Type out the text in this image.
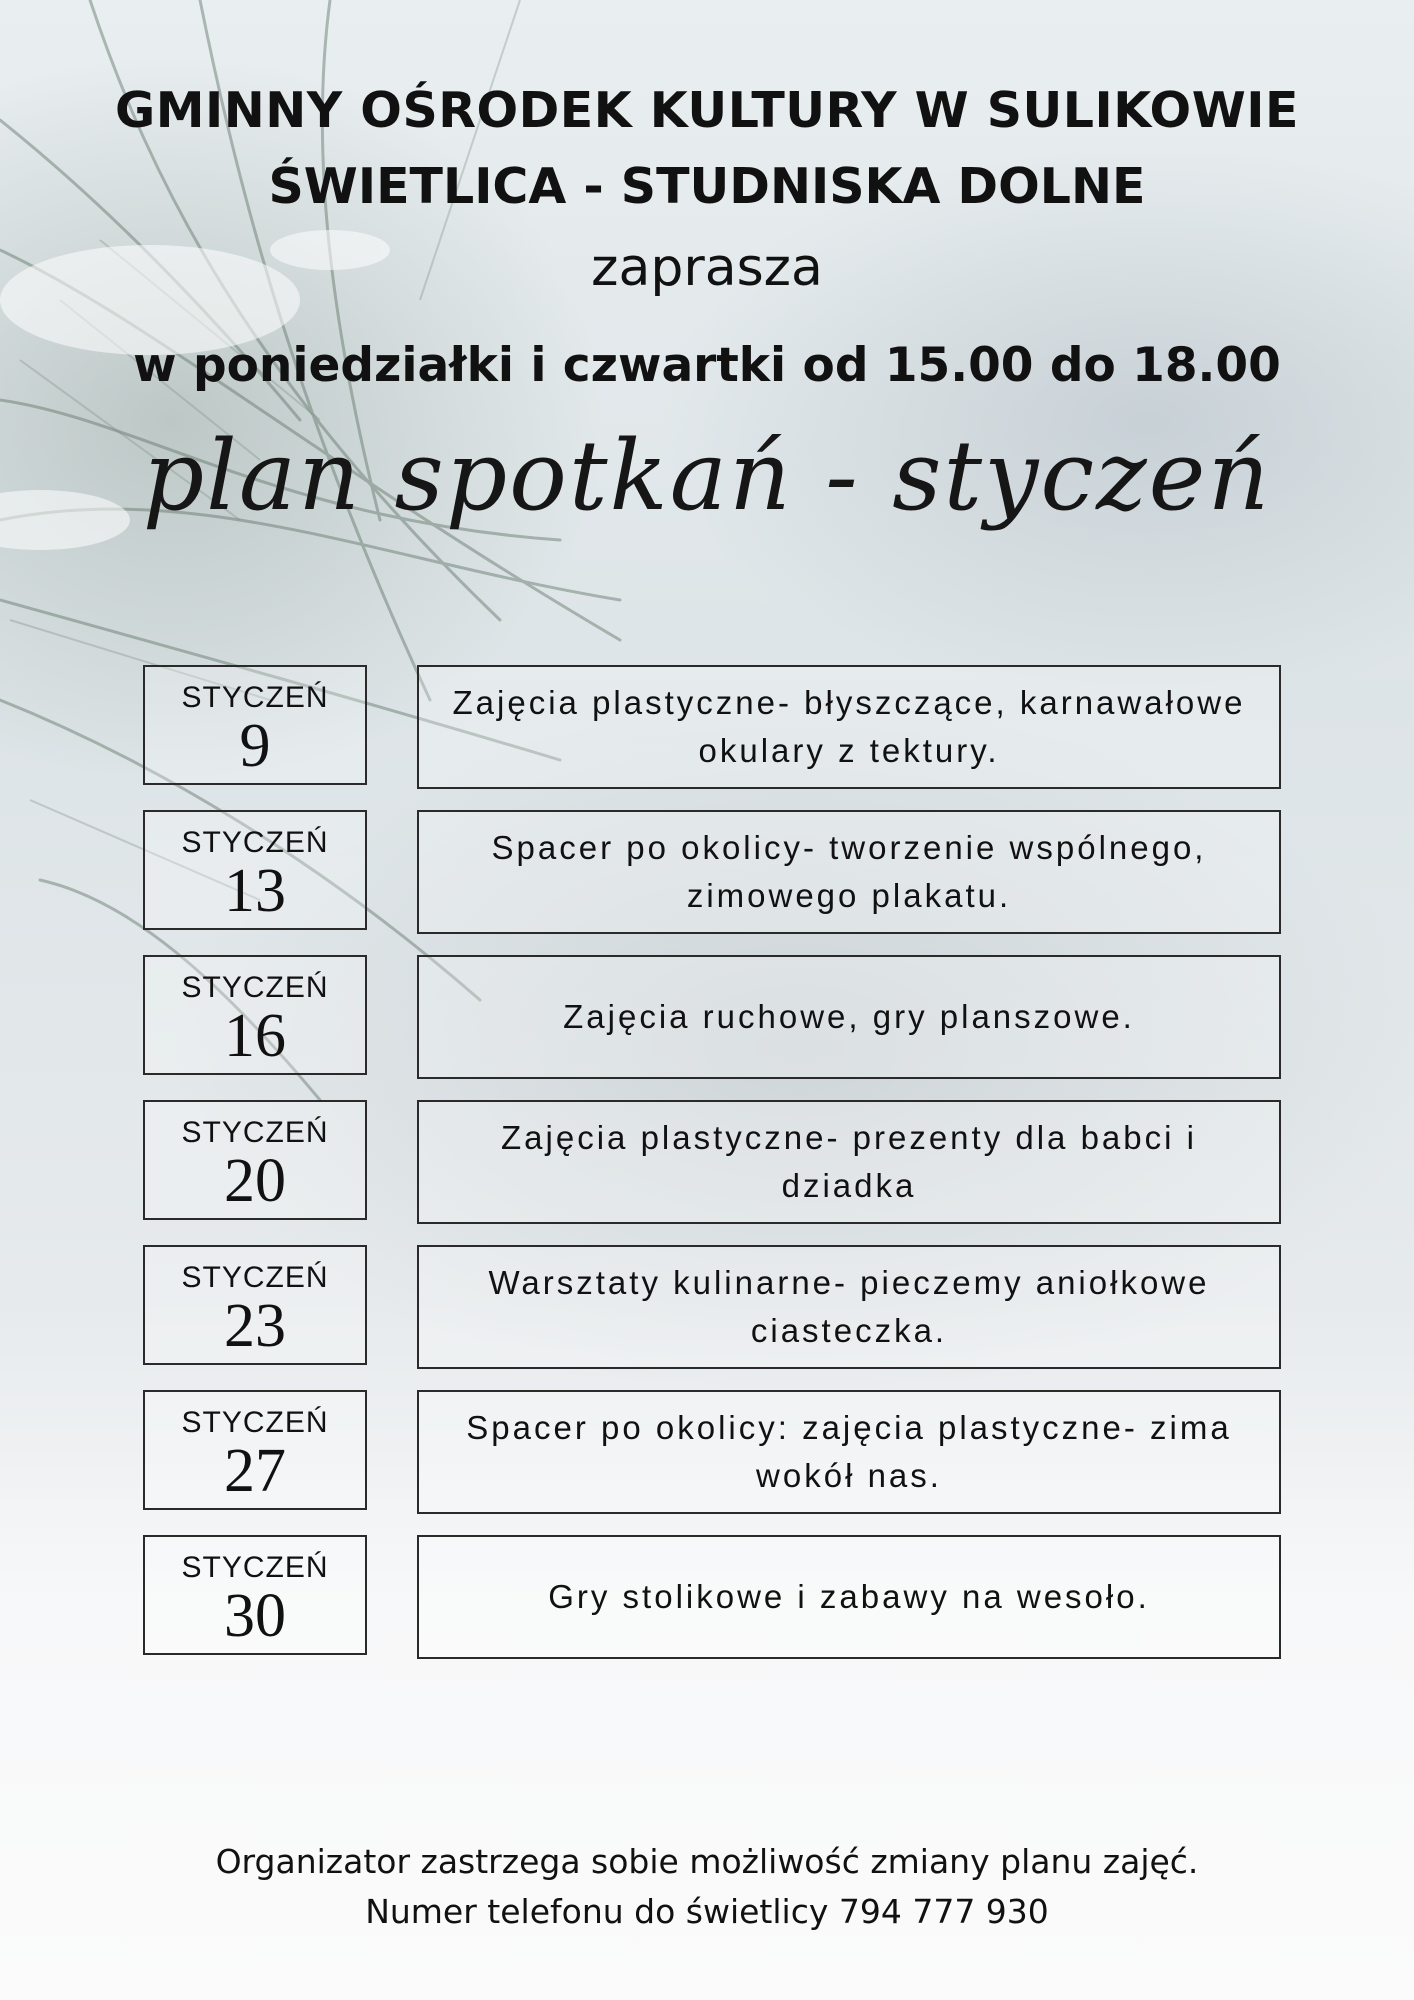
GMINNY OŚRODEK KULTURY W SULIKOWIE
ŚWIETLICA - STUDNISKA DOLNE
zaprasza
w poniedziałki i czwartki od 15.00 do 18.00
plan spotkań - styczeń
STYCZEŃ
9
Zajęcia plastyczne- błyszczące, karnawałowe okulary z tektury.
STYCZEŃ
13
Spacer po okolicy- tworzenie wspólnego, zimowego plakatu.
STYCZEŃ
16	Zajęcia ruchowe, gry planszowe.
STYCZEŃ
20
Zajęcia plastyczne- prezenty dla babci i dziadka
STYCZEŃ
23
Warsztaty kulinarne- pieczemy aniołkowe ciasteczka.
STYCZEŃ
27
Spacer po okolicy: zajęcia plastyczne- zima wokół nas.
STYCZEŃ
30	Gry stolikowe i zabawy na wesoło.
Organizator zastrzega sobie możliwość zmiany planu zajęć.
Numer telefonu do świetlicy 794 777 930
